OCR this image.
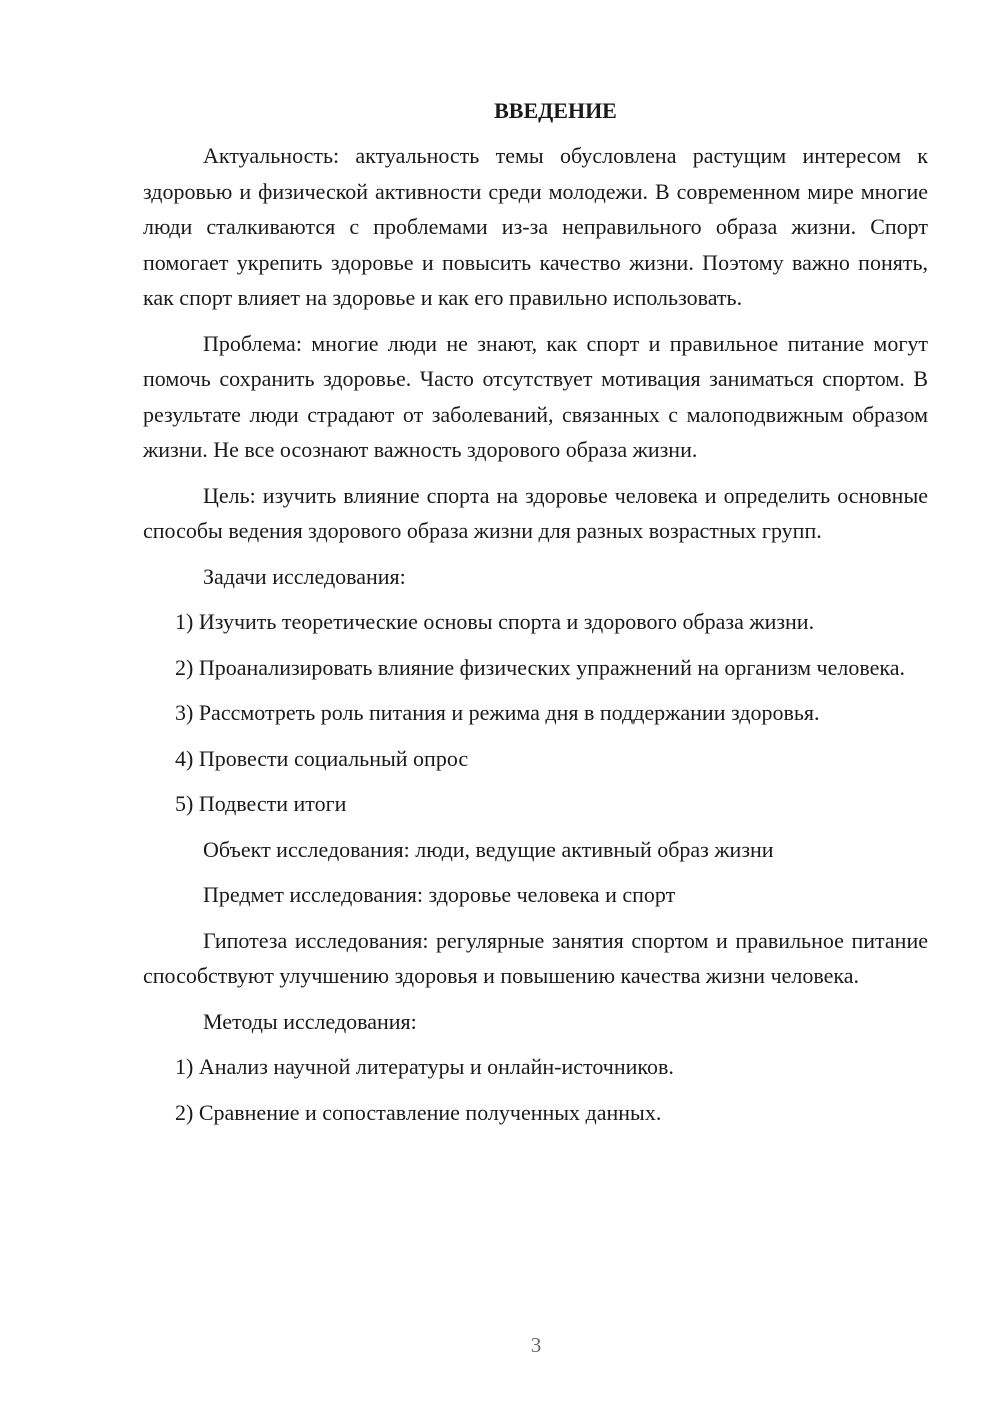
ВВЕДЕНИЕ

Актуальность: актуальность темы обусловлена растущим интересом к здоровью и физической активности среди молодежи. В современном мире многие люди сталкиваются с проблемами из-за неправильного образа жизни. Спорт помогает укрепить здоровье и повысить качество жизни. Поэтому важно понять, как спорт влияет на здоровье и как его правильно использовать.

Проблема: многие люди не знают, как спорт и правильное питание могут помочь сохранить здоровье. Часто отсутствует мотивация заниматься спортом. В результате люди страдают от заболеваний, связанных с малоподвижным образом жизни. Не все осознают важность здорового образа жизни.

Цель: изучить влияние спорта на здоровье человека и определить основные способы ведения здорового образа жизни для разных возрастных групп.

Задачи исследования:

1) Изучить теоретические основы спорта и здорового образа жизни.

2) Проанализировать влияние физических упражнений на организм человека.

3) Рассмотреть роль питания и режима дня в поддержании здоровья.

4) Провести социальный опрос

5) Подвести итоги

Объект исследования: люди, ведущие активный образ жизни

Предмет исследования: здоровье человека и спорт

Гипотеза исследования: регулярные занятия спортом и правильное питание способствуют улучшению здоровья и повышению качества жизни человека.

Методы исследования:

1) Анализ научной литературы и онлайн-источников.

2) Сравнение и сопоставление полученных данных.

3
